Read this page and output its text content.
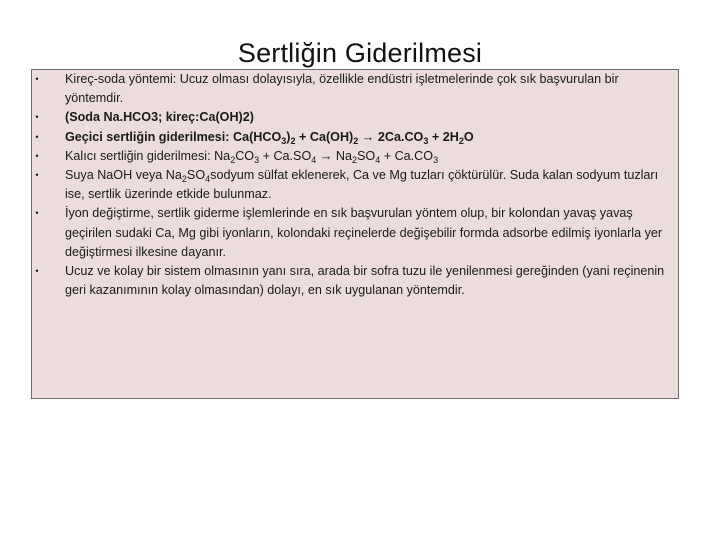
Sertliğin Giderilmesi
• Kireç-soda yöntemi: Ucuz olması dolayısıyla, özellikle endüstri işletmelerinde çok sık başvurulan bir yöntemdir.
• (Soda Na.HCO3; kireç:Ca(OH)2)
• Geçici sertliğin giderilmesi: $Ca(HCO_3)_2 + Ca(OH)_2 \to 2Ca.CO_3 + 2H_2O$
• Kalıcı sertliğin giderilmesi: $Na_2CO_3 + Ca.SO_4 \to Na_2SO_4 + Ca.CO_3$
• Suya NaOH veya $Na_2SO_4sodyum$ sülfat eklenerek, Ca ve Mg tuzları çöktürülür. Suda kalan sodyum tuzları ise, sertlik üzerinde etkide bulunmaz.
• İyon değiştirme, sertlik giderme işlemlerinde en sık başvurulan yöntem olup, bir kolondan yavaş yavaş geçirilen sudaki Ca, Mg gibi iyonların, kolondaki reçinelerde değişebilir formda adsorbe edilmiş iyonlarla yer değiştirmesi ilkesine dayanır.
• Ucuz ve kolay bir sistem olmasının yanı sıra, arada bir sofra tuzu ile yenilenmesi gereğinden (yani reçinenin geri kazanımının kolay olmasından) dolayı, en sık uygulanan yöntemdir.
